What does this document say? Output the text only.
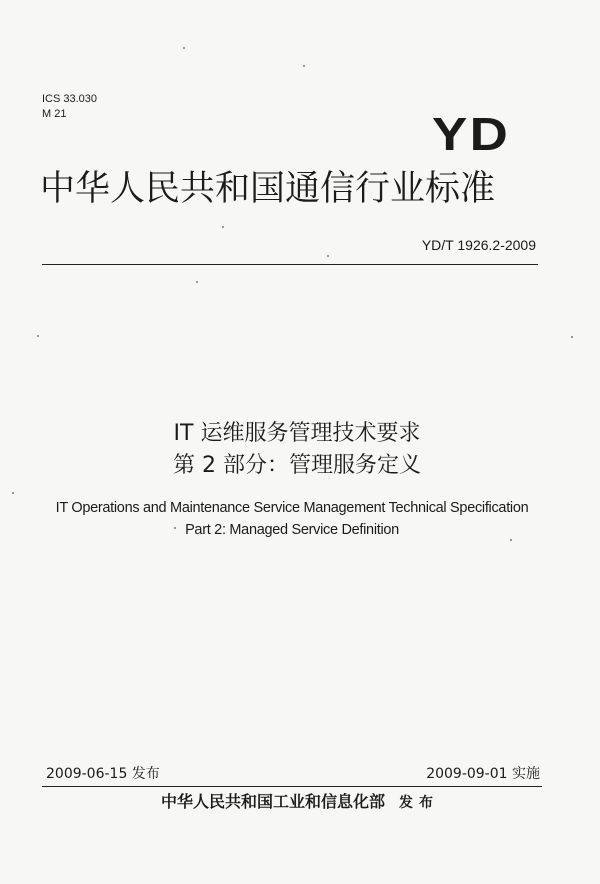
ICS 33.030
M 21	YD
中华人民共和国通信行业标准
YD/T 1926.2-2009
IT 运维服务管理技术要求
第 2 部分：管理服务定义
IT Operations and Maintenance Service Management Technical Specification
Part 2: Managed Service Definition
2009-06-15 发布	2009-09-01 实施
中华人民共和国工业和信息化部 发布
